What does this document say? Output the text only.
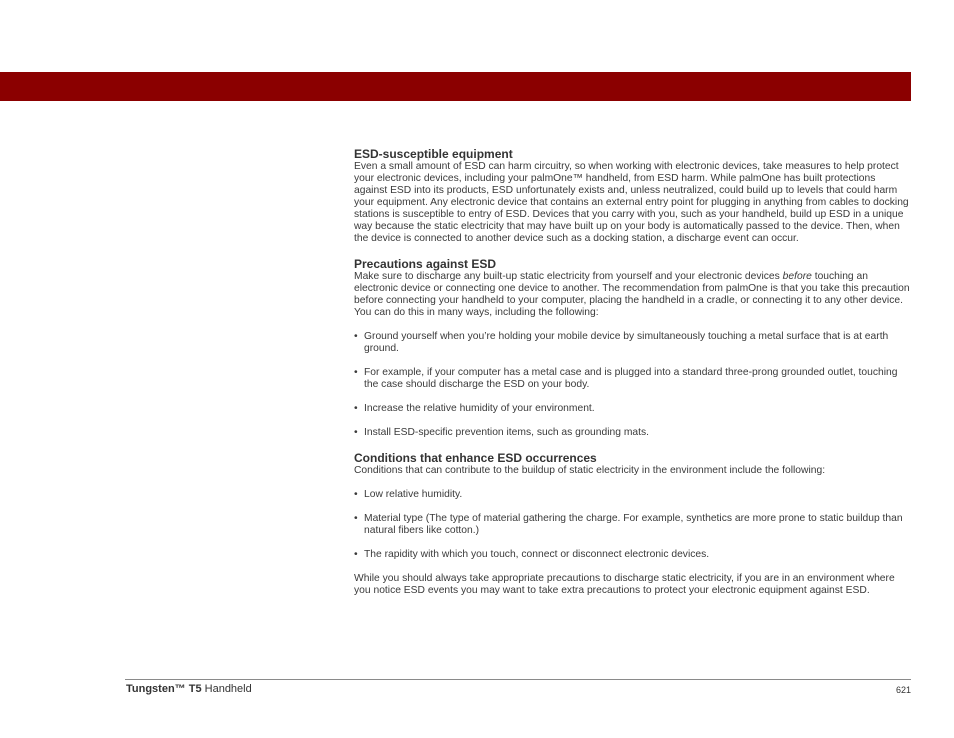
ESD-susceptible equipment

Even a small amount of ESD can harm circuitry, so when working with electronic devices, take measures to help protect your electronic devices, including your palmOne™ handheld, from ESD harm. While palmOne has built protections against ESD into its products, ESD unfortunately exists and, unless neutralized, could build up to levels that could harm your equipment. Any electronic device that contains an external entry point for plugging in anything from cables to docking stations is susceptible to entry of ESD. Devices that you carry with you, such as your handheld, build up ESD in a unique way because the static electricity that may have built up on your body is automatically passed to the device. Then, when the device is connected to another device such as a docking station, a discharge event can occur.

Precautions against ESD

Make sure to discharge any built-up static electricity from yourself and your electronic devices before touching an electronic device or connecting one device to another. The recommendation from palmOne is that you take this precaution before connecting your handheld to your computer, placing the handheld in a cradle, or connecting it to any other device. You can do this in many ways, including the following:

• Ground yourself when you’re holding your mobile device by simultaneously touching a metal surface that is at earth ground.

• For example, if your computer has a metal case and is plugged into a standard three-prong grounded outlet, touching the case should discharge the ESD on your body.

• Increase the relative humidity of your environment.

• Install ESD-specific prevention items, such as grounding mats.

Conditions that enhance ESD occurrences

Conditions that can contribute to the buildup of static electricity in the environment include the following:

• Low relative humidity.

• Material type (The type of material gathering the charge. For example, synthetics are more prone to static buildup than natural fibers like cotton.)

• The rapidity with which you touch, connect or disconnect electronic devices.

While you should always take appropriate precautions to discharge static electricity, if you are in an environment where you notice ESD events you may want to take extra precautions to protect your electronic equipment against ESD.

Tungsten™ T5 Handheld	621
